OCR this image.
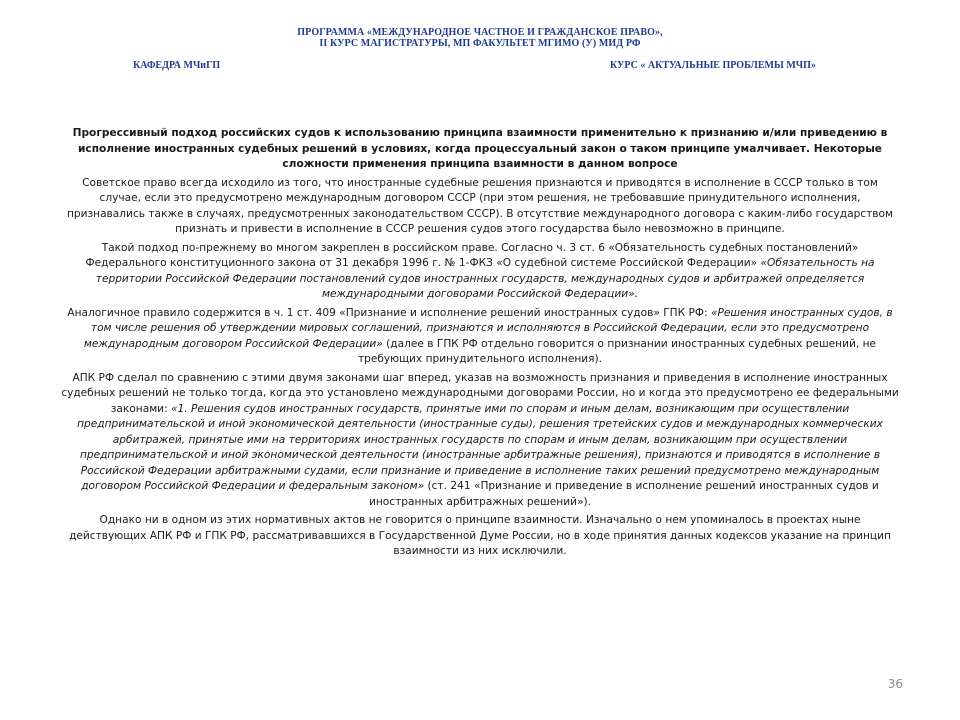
ПРОГРАММА «МЕЖДУНАРОДНОЕ ЧАСТНОЕ И ГРАЖДАНСКОЕ ПРАВО»,
II КУРС МАГИСТРАТУРЫ, МП ФАКУЛЬТЕТ МГИМО (У) МИД РФ
КАФЕДРА МЧиГП	КУРС « АКТУАЛЬНЫЕ ПРОБЛЕМЫ МЧП»

Прогрессивный подход российских судов к использованию принципа взаимности применительно к признанию и/или приведению в исполнение иностранных судебных решений в условиях, когда процессуальный закон о таком принципе умалчивает. Некоторые сложности применения принципа взаимности в данном вопросе

Советское право всегда исходило из того, что иностранные судебные решения признаются и приводятся в исполнение в СССР только в том случае, если это предусмотрено международным договором СССР (при этом решения, не требовавшие принудительного исполнения, признавались также в случаях, предусмотренных законодательством СССР). В отсутствие международного договора с каким-либо государством признать и привести в исполнение в СССР решения судов этого государства было невозможно в принципе.

Такой подход по-прежнему во многом закреплен в российском праве. Согласно ч. 3 ст. 6 «Обязательность судебных постановлений» Федерального конституционного закона от 31 декабря 1996 г. № 1-ФКЗ «О судебной системе Российской Федерации» «Обязательность на территории Российской Федерации постановлений судов иностранных государств, международных судов и арбитражей определяется международными договорами Российской Федерации».

Аналогичное правило содержится в ч. 1 ст. 409 «Признание и исполнение решений иностранных судов» ГПК РФ: «Решения иностранных судов, в том числе решения об утверждении мировых соглашений, признаются и исполняются в Российской Федерации, если это предусмотрено международным договором Российской Федерации» (далее в ГПК РФ отдельно говорится о признании иностранных судебных решений, не требующих принудительного исполнения).

АПК РФ сделал по сравнению с этими двумя законами шаг вперед, указав на возможность признания и приведения в исполнение иностранных судебных решений не только тогда, когда это установлено международными договорами России, но и когда это предусмотрено ее федеральными законами: «1. Решения судов иностранных государств, принятые ими по спорам и иным делам, возникающим при осуществлении предпринимательской и иной экономической деятельности (иностранные суды), решения третейских судов и международных коммерческих арбитражей, принятые ими на территориях иностранных государств по спорам и иным делам, возникающим при осуществлении предпринимательской и иной экономической деятельности (иностранные арбитражные решения), признаются и приводятся в исполнение в Российской Федерации арбитражными судами, если признание и приведение в исполнение таких решений предусмотрено международным договором Российской Федерации и федеральным законом» (ст. 241 «Признание и приведение в исполнение решений иностранных судов и иностранных арбитражных решений»).

Однако ни в одном из этих нормативных актов не говорится о принципе взаимности. Изначально о нем упоминалось в проектах ныне действующих АПК РФ и ГПК РФ, рассматривавшихся в Государственной Думе России, но в ходе принятия данных кодексов указание на принцип взаимности из них исключили.

36
